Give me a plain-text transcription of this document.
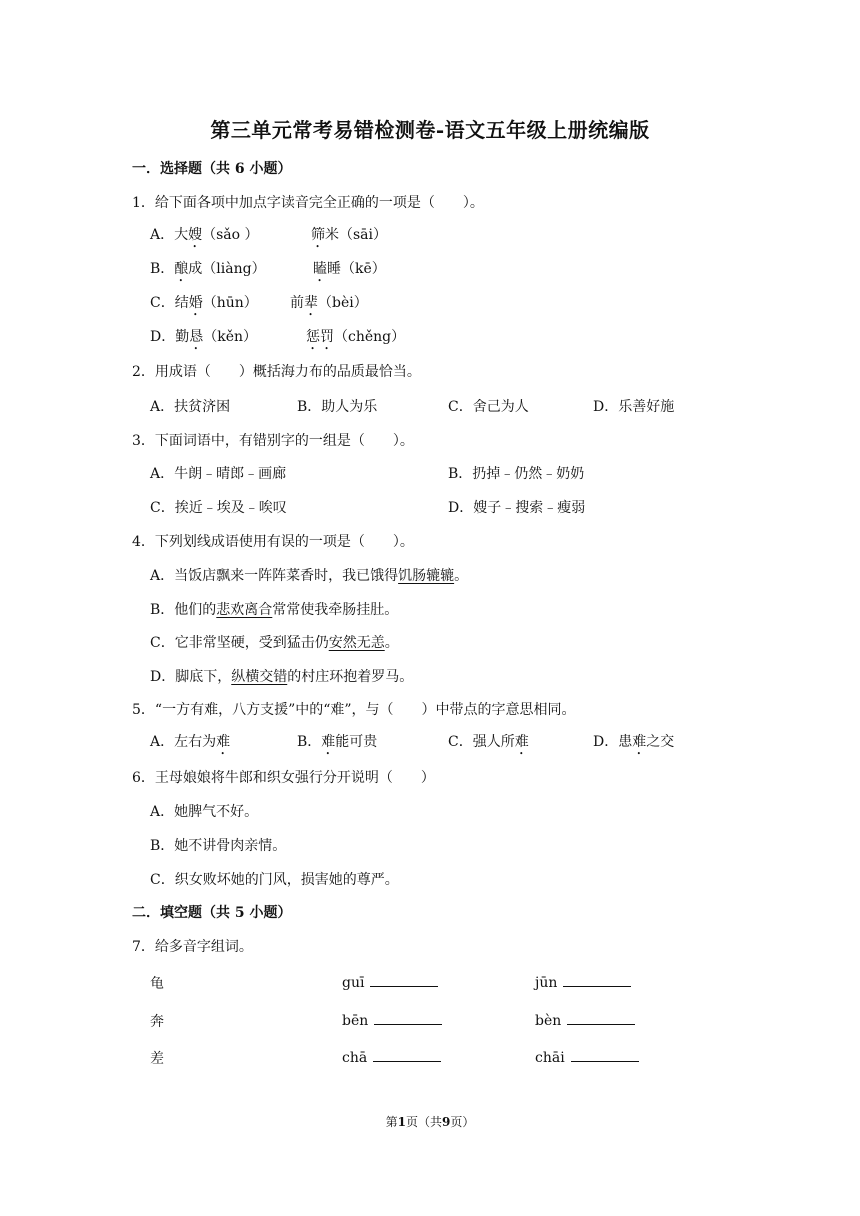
第三单元常考易错检测卷-语文五年级上册统编版
一．选择题（共 6 小题）
1．给下面各项中加点字读音完全正确的一项是（　　）。
A．大嫂（sǎo ）	筛米（sāi）
B．酿成（liàng）	瞌睡（kē）
C．结婚（hūn） 前辈（bèi）
D．勤恳（kěn）	惩罚（chěng）
2．用成语（　　）概括海力布的品质最恰当。
A．扶贫济困	B．助人为乐	C．舍己为人	D．乐善好施
3．下面词语中，有错别字的一组是（　　）。
A．牛朗﹣晴郎﹣画廊	B．扔掉﹣仍然﹣奶奶
C．挨近﹣埃及﹣唉叹	D．嫂子﹣搜索﹣瘦弱
4．下列划线成语使用有误的一项是（　　）。
A．当饭店飘来一阵阵菜香时，我已饿得饥肠辘辘。
B．他们的悲欢离合常常使我牵肠挂肚。
C．它非常坚硬，受到猛击仍安然无恙。
D．脚底下，纵横交错的村庄环抱着罗马。
5．“一方有难，八方支援”中的“难”，与（　　）中带点的字意思相同。
A．左右为难	B．难能可贵	C．强人所难	D．患难之交
6．王母娘娘将牛郎和织女强行分开说明（　　）
A．她脾气不好。
B．她不讲骨肉亲情。
C．织女败坏她的门风，损害她的尊严。
二．填空题（共 5 小题）
7．给多音字组词。
龟	guī	jūn
奔	bēn	bèn
差	chā	chāi
第1页（共9页）
